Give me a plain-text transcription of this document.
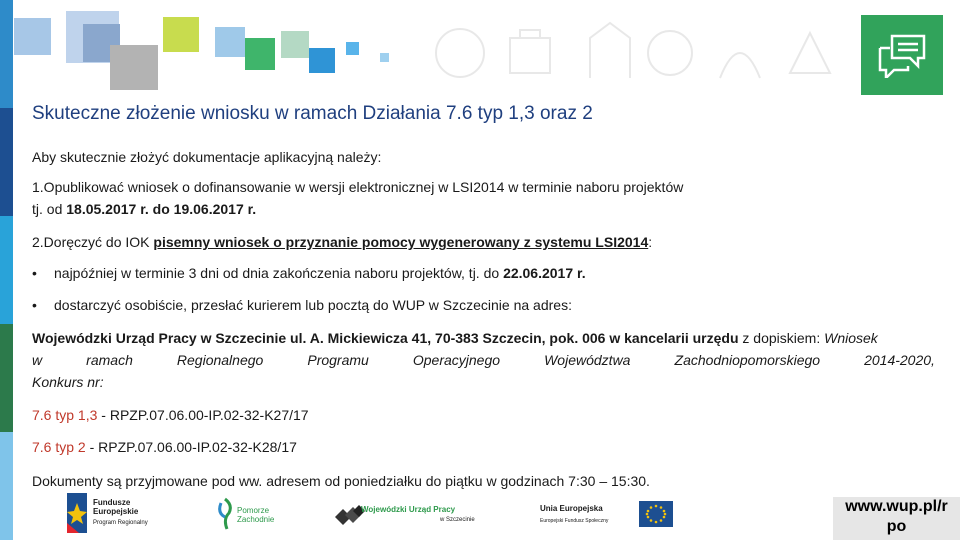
Skuteczne złożenie wniosku w ramach Działania 7.6 typ 1,3 oraz 2
Aby skutecznie złożyć dokumentacje aplikacyjną należy:
1.Opublikować wniosek o dofinansowanie w wersji elektronicznej w LSI2014 w terminie naboru projektów
tj. od 18.05.2017 r. do 19.06.2017 r.
2.Doręczyć do IOK pisemny wniosek o przyznanie pomocy wygenerowany z systemu LSI2014:
• najpóźniej w terminie 3 dni od dnia zakończenia naboru projektów, tj. do 22.06.2017 r.
• dostarczyć osobiście, przesłać kurierem lub pocztą do WUP w Szczecinie na adres:
Wojewódzki Urząd Pracy w Szczecinie ul. A. Mickiewicza 41, 70-383 Szczecin, pok. 006 w kancelarii urzędu z dopiskiem: Wniosek
w	ramach	Regionalnego	Programu	Operacyjnego	Województwa	Zachodniopomorskiego	2014-2020,
Konkurs nr:
7.6 typ 1,3 - RPZP.07.06.00-IP.02-32-K27/17
7.6 typ 2 - RPZP.07.06.00-IP.02-32-K28/17
Dokumenty są przyjmowane pod ww. adresem od poniedziałku do piątku w godzinach 7:30 – 15:30.
Fundusze
Europejskie
Program Regionalny
Pomorze
Zachodnie
Wojewódzki Urząd Pracy
w Szczecinie
Unia Europejska
Europejski Fundusz Społeczny
www.wup.pl/r
po
